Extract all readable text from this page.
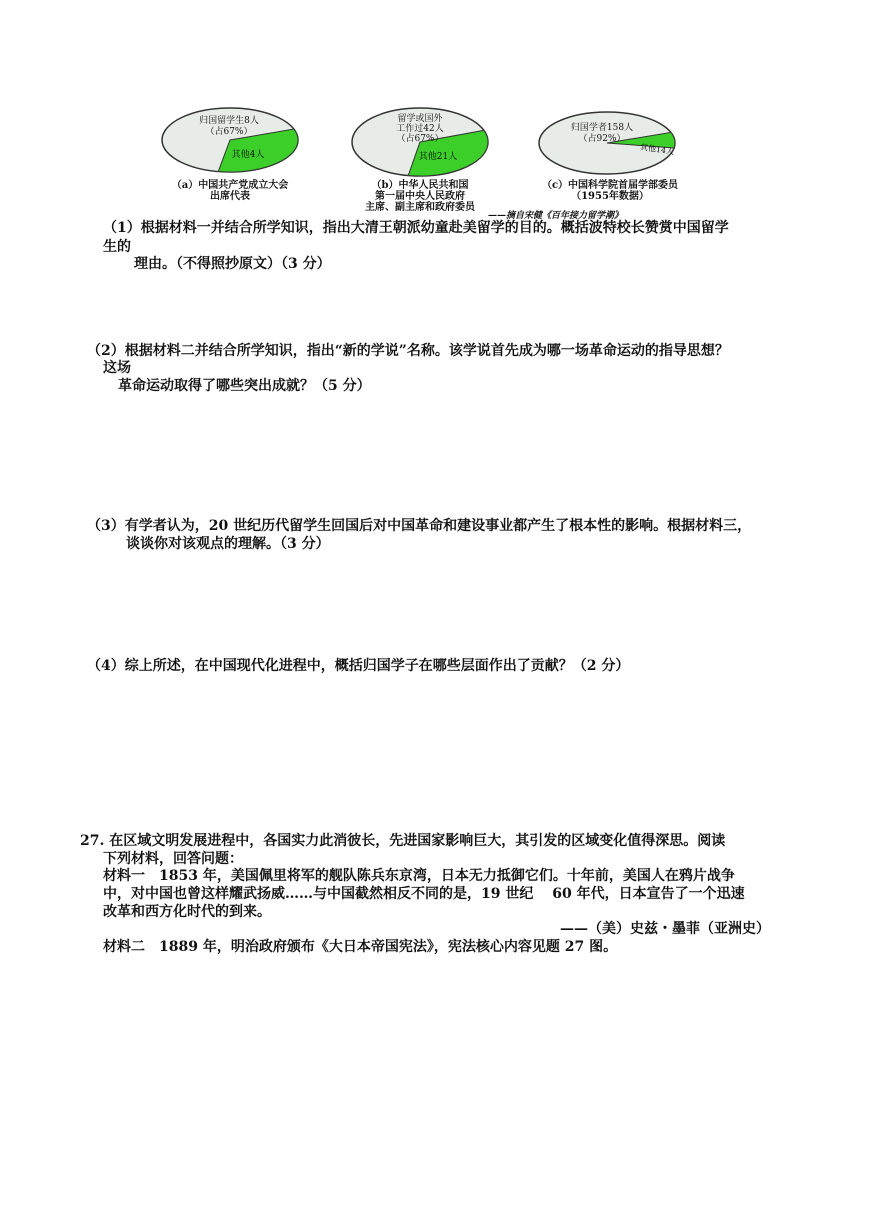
归国留学生8人
（占67%）
其他4人
（a）中国共产党成立大会
出席代表
留学或国外
工作过42人
（占67%）
其他21人
（b）中华人民共和国
第一届中央人民政府
主席、副主席和政府委员
归国学者158人
（占92%）
其他14人
（c）中国科学院首届学部委员
（1955年数据）
——摘自宋健《百年接力留学潮》
（1）根据材料一并结合所学知识，指出大清王朝派幼童赴美留学的目的。概括波特校长赞赏中国留学
生的
理由。（不得照抄原文）（3 分）
（2）根据材料二并结合所学知识，指出“新的学说”名称。该学说首先成为哪一场革命运动的指导思想？
这场
革命运动取得了哪些突出成就？（5 分）
（3）有学者认为，20 世纪历代留学生回国后对中国革命和建设事业都产生了根本性的影响。根据材料三，
谈谈你对该观点的理解。（3 分）
（4）综上所述，在中国现代化进程中，概括归国学子在哪些层面作出了贡献？（2 分）
27. 在区域文明发展进程中，各国实力此消彼长，先进国家影响巨大，其引发的区域变化值得深思。阅读
下列材料，回答问题：
材料一　1853 年，美国佩里将军的舰队陈兵东京湾，日本无力抵御它们。十年前，美国人在鸦片战争
中，对中国也曾这样耀武扬威……与中国截然相反不同的是，19 世纪　 60 年代，日本宣告了一个迅速
改革和西方化时代的到来。
——（美）史兹・墨菲（亚洲史）
材料二　1889 年，明治政府颁布《大日本帝国宪法》，宪法核心内容见题 27 图。
